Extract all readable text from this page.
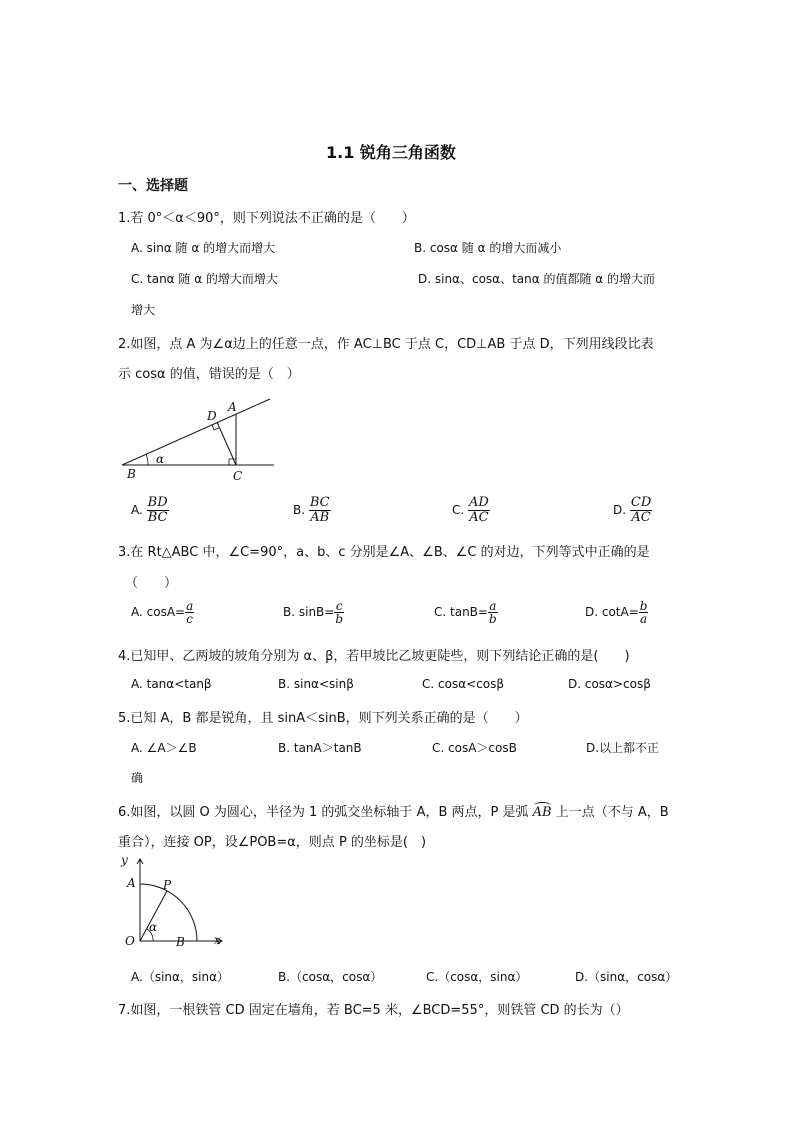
1.1 锐角三角函数
一、选择题
1.若 0°＜α＜90°，则下列说法不正确的是（　　）
A. sinα 随 α 的增大而增大	B. cosα 随 α 的增大而减小
C. tanα 随 α 的增大而增大	D. sinα、cosα、tanα 的值都随 α 的增大而
增大
2.如图，点 A 为∠α边上的任意一点，作 AC⊥BC 于点 C，CD⊥AB 于点 D，下列用线段比表
示 cosα 的值，错误的是（　）
B	C
D
A
α
A. $\frac{BD}{BC}$	B. $\frac{BC}{AB}$	C. $\frac{AD}{AC}$	D. $\frac{CD}{AC}$
3.在 Rt△ABC 中，∠C=90°，a、b、c 分别是∠A、∠B、∠C 的对边，下列等式中正确的是
（　　）
A. $\cos A= \frac{a}{c}$	B. $\sin B= \frac{c}{b}$	C. $\tan B= \frac{a}{b}$	D. $\cot A= \frac{b}{a}$
4.已知甲、乙两坡的坡角分别为 α、β，若甲坡比乙坡更陡些，则下列结论正确的是(　　)
A. tanα<tanβ	B. sinα<sinβ	C. cosα<cosβ	D. cosα>cosβ
5.已知 A，B 都是锐角，且 sinA＜sinB，则下列关系正确的是（　　）
A. ∠A＞∠B	B. tanA＞tanB	C. cosA＞cosB	D.以上都不正
确
6.如图，以圆 O 为圆心，半径为 1 的弧交坐标轴于 A，B 两点，P 是弧 AB 上一点（不与 A，B
重合），连接 OP，设∠POB=α，则点 P 的坐标是(　)
y
x
A P
O	B
α
A.（sinα，sinα）	B.（cosα，cosα）	C.（cosα，sinα）	D.（sinα，cosα）
7.如图，一根铁管 CD 固定在墙角，若 BC=5 米，∠BCD=55°，则铁管 CD 的长为（）
